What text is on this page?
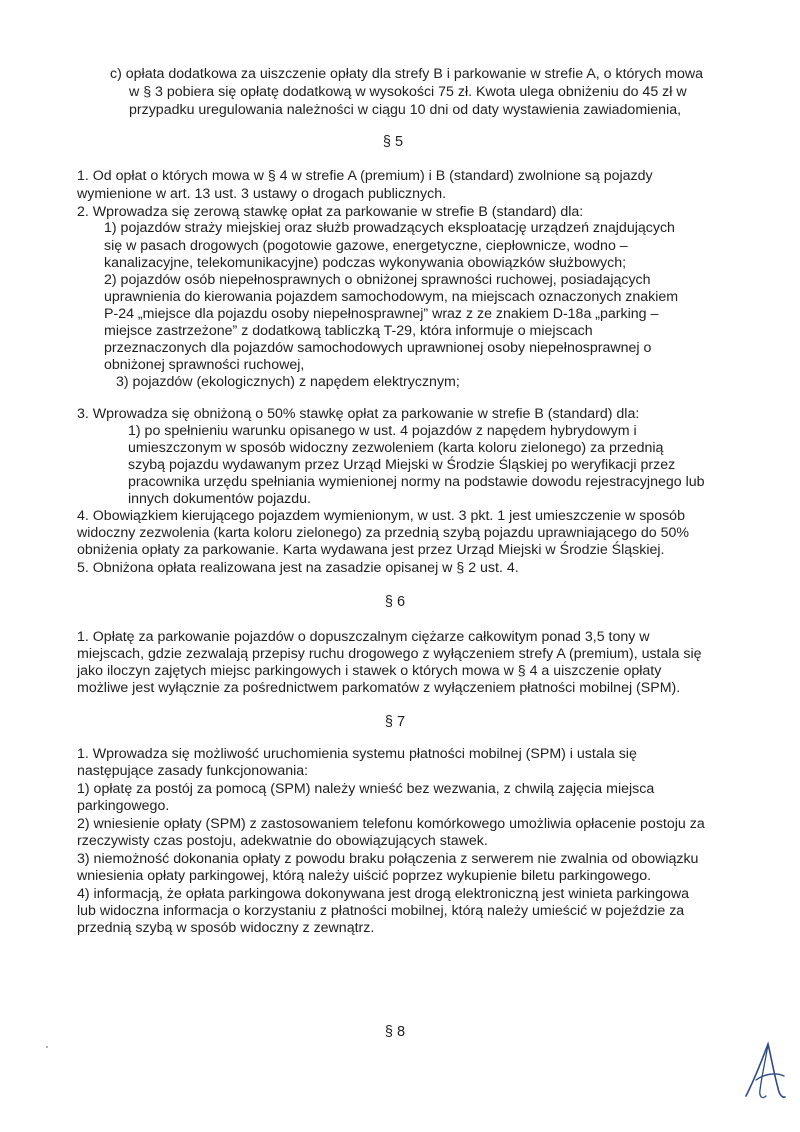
c) opłata dodatkowa za uiszczenie opłaty dla strefy B i parkowanie w strefie A, o których mowa
w § 3 pobiera się opłatę dodatkową w wysokości 75 zł. Kwota ulega obniżeniu do 45 zł w
przypadku uregulowania należności w ciągu 10 dni od daty wystawienia zawiadomienia,
§ 5
1. Od opłat o których mowa w § 4 w strefie A (premium) i B (standard) zwolnione są pojazdy
wymienione w art. 13 ust. 3 ustawy o drogach publicznych.
2. Wprowadza się zerową stawkę opłat za parkowanie w strefie B (standard) dla:
1) pojazdów straży miejskiej oraz służb prowadzących eksploatację urządzeń znajdujących
się w pasach drogowych (pogotowie gazowe, energetyczne, ciepłownicze, wodno –
kanalizacyjne, telekomunikacyjne) podczas wykonywania obowiązków służbowych;
2) pojazdów osób niepełnosprawnych o obniżonej sprawności ruchowej, posiadających
uprawnienia do kierowania pojazdem samochodowym, na miejscach oznaczonych znakiem
P-24 „miejsce dla pojazdu osoby niepełnosprawnej” wraz z ze znakiem D-18a „parking –
miejsce zastrzeżone” z dodatkową tabliczką T-29, która informuje o miejscach
przeznaczonych dla pojazdów samochodowych uprawnionej osoby niepełnosprawnej o
obniżonej sprawności ruchowej,
3) pojazdów (ekologicznych) z napędem elektrycznym;
3. Wprowadza się obniżoną o 50% stawkę opłat za parkowanie w strefie B (standard) dla:
1) po spełnieniu warunku opisanego w ust. 4 pojazdów z napędem hybrydowym i
umieszczonym w sposób widoczny zezwoleniem (karta koloru zielonego) za przednią
szybą pojazdu wydawanym przez Urząd Miejski w Środzie Śląskiej po weryfikacji przez
pracownika urzędu spełniania wymienionej normy na podstawie dowodu rejestracyjnego lub
innych dokumentów pojazdu.
4. Obowiązkiem kierującego pojazdem wymienionym, w ust. 3 pkt. 1 jest umieszczenie w sposób
widoczny zezwolenia (karta koloru zielonego) za przednią szybą pojazdu uprawniającego do 50%
obniżenia opłaty za parkowanie. Karta wydawana jest przez Urząd Miejski w Środzie Śląskiej.
5. Obniżona opłata realizowana jest na zasadzie opisanej w § 2 ust. 4.
§ 6
1. Opłatę za parkowanie pojazdów o dopuszczalnym ciężarze całkowitym ponad 3,5 tony w
miejscach, gdzie zezwalają przepisy ruchu drogowego z wyłączeniem strefy A (premium), ustala się
jako iloczyn zajętych miejsc parkingowych i stawek o których mowa w § 4 a uiszczenie opłaty
możliwe jest wyłącznie za pośrednictwem parkomatów z wyłączeniem płatności mobilnej (SPM).
§ 7
1. Wprowadza się możliwość uruchomienia systemu płatności mobilnej (SPM) i ustala się
następujące zasady funkcjonowania:
1) opłatę za postój za pomocą (SPM) należy wnieść bez wezwania, z chwilą zajęcia miejsca
parkingowego.
2) wniesienie opłaty (SPM) z zastosowaniem telefonu komórkowego umożliwia opłacenie postoju za
rzeczywisty czas postoju, adekwatnie do obowiązujących stawek.
3) niemożność dokonania opłaty z powodu braku połączenia z serwerem nie zwalnia od obowiązku
wniesienia opłaty parkingowej, którą należy uiścić poprzez wykupienie biletu parkingowego.
4) informacją, że opłata parkingowa dokonywana jest drogą elektroniczną jest winieta parkingowa
lub widoczna informacja o korzystaniu z płatności mobilnej, którą należy umieścić w pojeździe za
przednią szybą w sposób widoczny z zewnątrz.
§ 8
